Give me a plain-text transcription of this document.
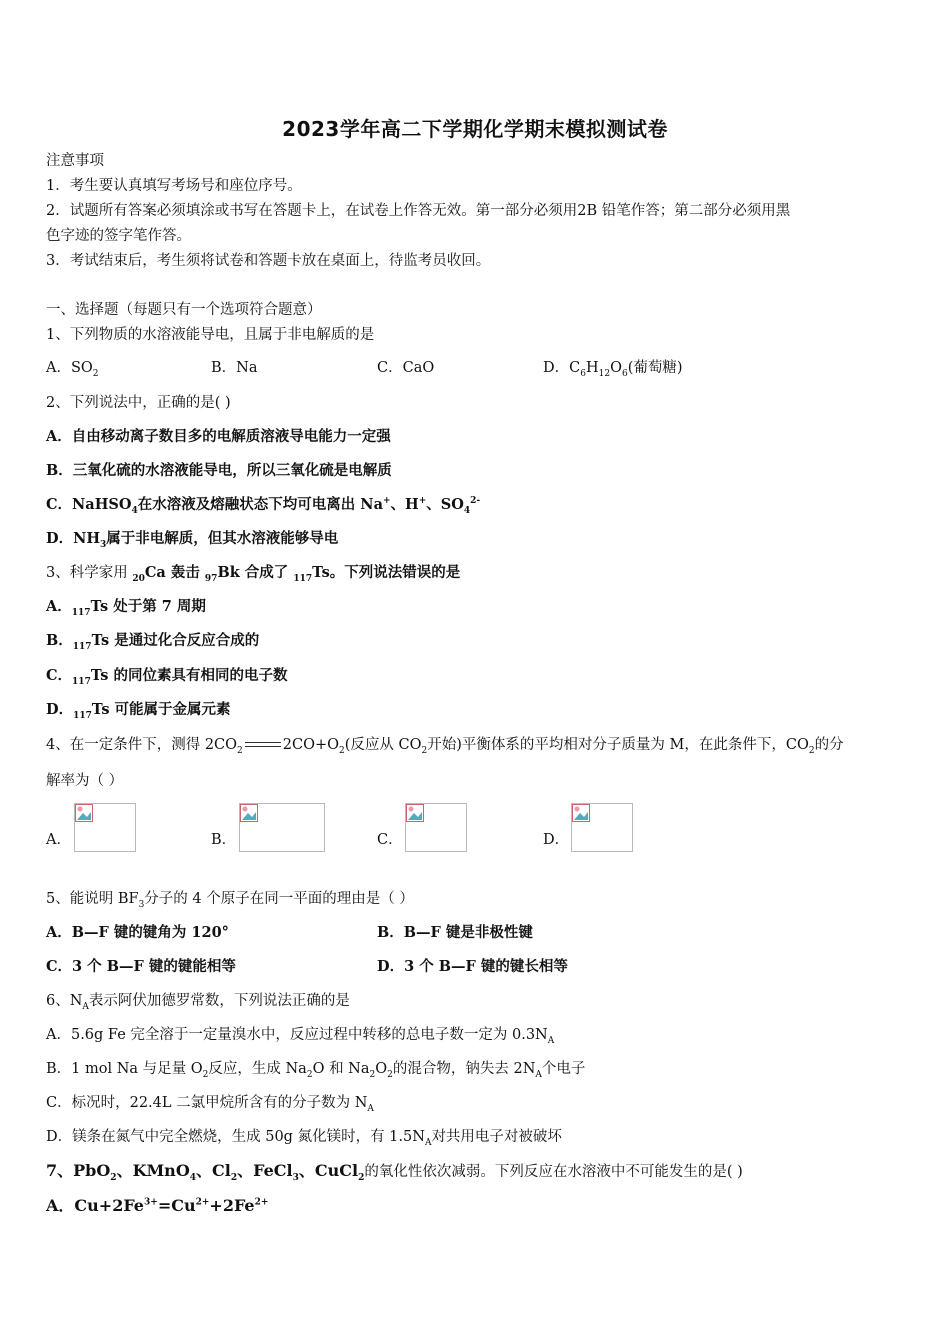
2023学年高二下学期化学期末模拟测试卷
注意事项
1．考生要认真填写考场号和座位序号。
2．试题所有答案必须填涂或书写在答题卡上，在试卷上作答无效。第一部分必须用2B 铅笔作答；第二部分必须用黑
色字迹的签字笔作答。
3．考试结束后，考生须将试卷和答题卡放在桌面上，待监考员收回。
一、选择题（每题只有一个选项符合题意）
1、下列物质的水溶液能导电，且属于非电解质的是
A．$SO_2$	B．Na	C．CaO	D．$C_6H_{12}O_6$(葡萄糖)
2、下列说法中，正确的是( )
A．自由移动离子数目多的电解质溶液导电能力一定强
B．三氧化硫的水溶液能导电，所以三氧化硫是电解质
C．NaHSO$_4$在水溶液及熔融状态下均可电离出 Na+、H+、$SO_4^{2-}$
D．$NH_3$属于非电解质，但其水溶液能够导电
3、科学家用 $_{20}$Ca 轰击 $_{97}$Bk 合成了 $_{117}$Ts。下列说法错误的是
A．$_{117}$Ts 处于第 7 周期
B．$_{117}$Ts 是通过化合反应合成的
C．$_{117}$Ts 的同位素具有相同的电子数
D．$_{117}$Ts 可能属于金属元素
4、在一定条件下，测得 $2CO_2$	$2CO+O_2$(反应从 $CO_2$开始)平衡体系的平均相对分子质量为 M，在此条件下，$CO_2$的分
解率为（ ）
A．	B．	C．	D．
5、能说明 $BF_3$分子的 4 个原子在同一平面的理由是（ ）
A．B—F 键的键角为 120°	B．B—F 键是非极性键
C．3 个 B—F 键的键能相等	D．3 个 B—F 键的键长相等
6、$N_A$表示阿伏加德罗常数，下列说法正确的是
A．5.6g Fe 完全溶于一定量溴水中，反应过程中转移的总电子数一定为 $0.3N_A$
B．1 mol Na 与足量 $O_2$反应，生成 $Na_2O$ 和 $Na_2O_2$的混合物，钠失去 $2N_A$个电子
C．标况时，22.4L 二氯甲烷所含有的分子数为 $N_A$
D．镁条在氮气中完全燃烧，生成 50g 氮化镁时，有 $1.5N_A$对共用电子对被破坏
7、PbO$_2$、KMnO$_4$、$Cl_2$、FeCl$_3$、CuCl$_2$的氧化性依次减弱。下列反应在水溶液中不可能发生的是( )
A．$Cu+2Fe^{3+}=Cu^{2+}+2Fe^{2+}$
